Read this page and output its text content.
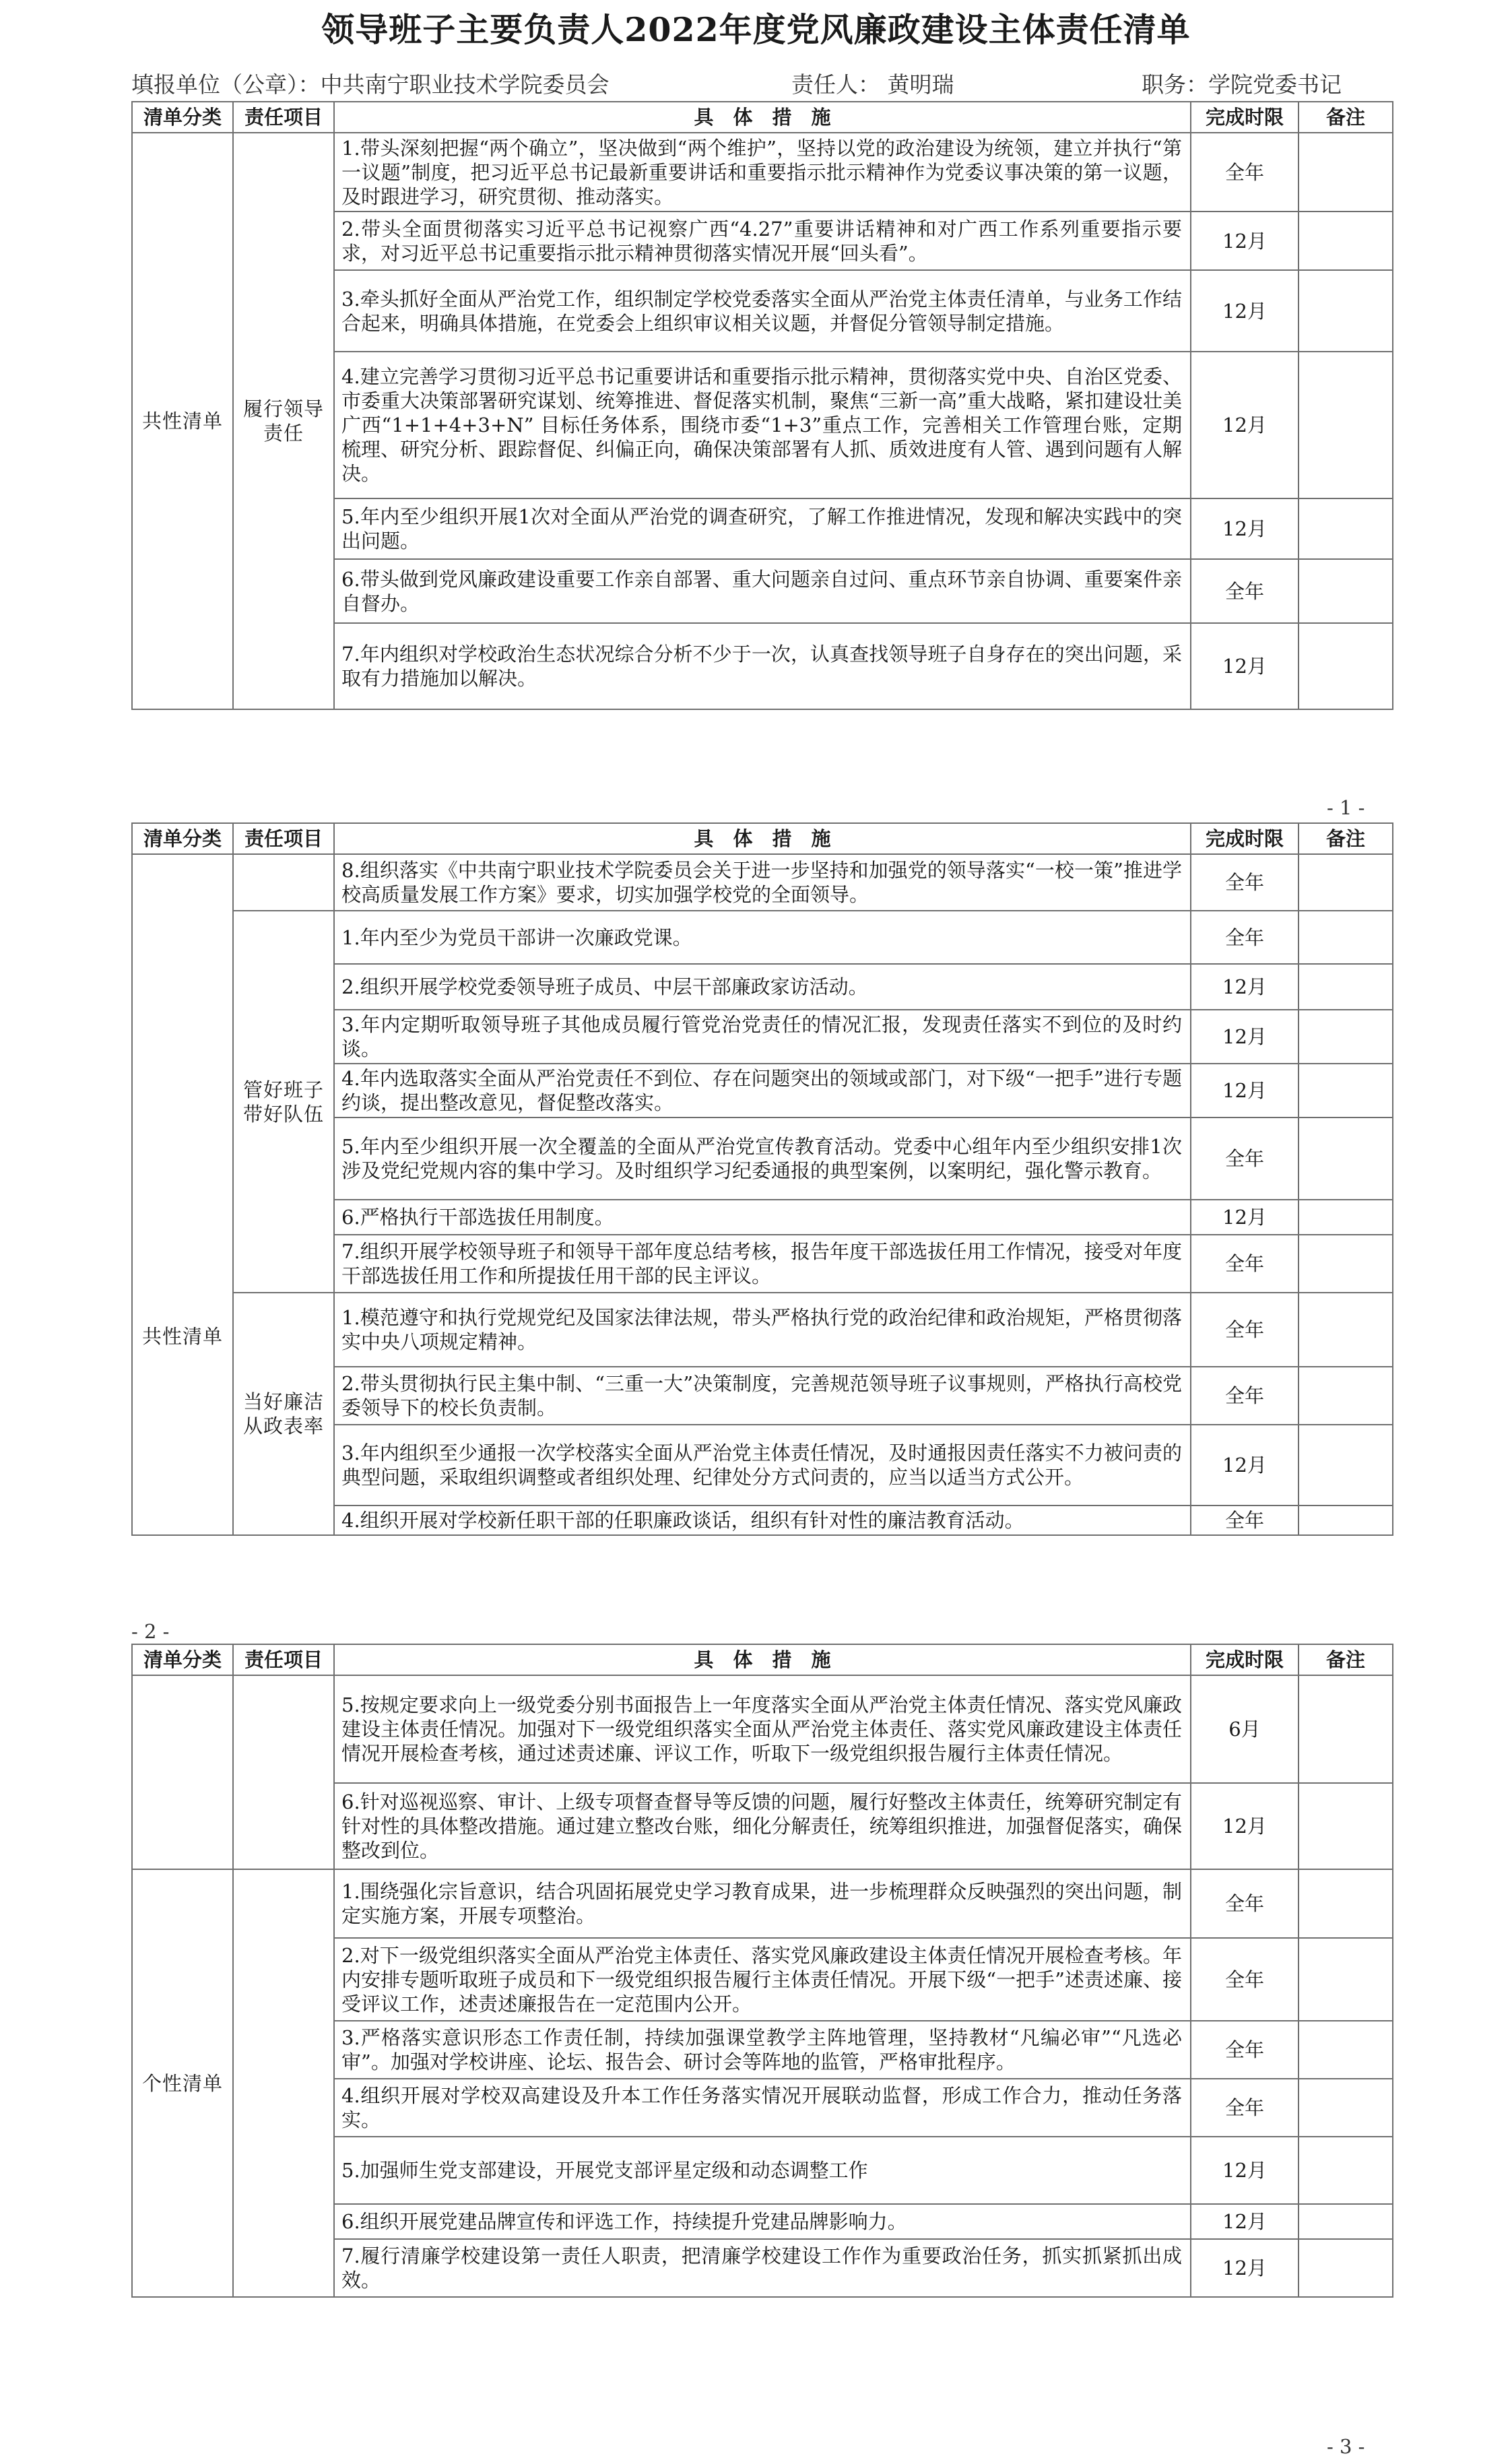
领导班子主要负责人2022年度党风廉政建设主体责任清单
填报单位（公章）：中共南宁职业技术学院委员会	责任人： 黄明瑞	职务：学院党委书记
清单分类	责任项目	具　体　措　施	完成时限	备注
共性清单	履行领导责任	1.带头深刻把握“两个确立”，坚决做到“两个维护”，坚持以党的政治建设为统领，建立并执行“第一议题”制度，把习近平总书记最新重要讲话和重要指示批示精神作为党委议事决策的第一议题，及时跟进学习，研究贯彻、推动落实。	全年	
		2.带头全面贯彻落实习近平总书记视察广西“4.27”重要讲话精神和对广西工作系列重要指示要求，对习近平总书记重要指示批示精神贯彻落实情况开展“回头看”。	12月	
		3.牵头抓好全面从严治党工作，组织制定学校党委落实全面从严治党主体责任清单，与业务工作结合起来，明确具体措施，在党委会上组织审议相关议题，并督促分管领导制定措施。	12月	
		4.建立完善学习贯彻习近平总书记重要讲话和重要指示批示精神，贯彻落实党中央、自治区党委、市委重大决策部署研究谋划、统筹推进、督促落实机制，聚焦“三新一高”重大战略，紧扣建设壮美广西“1+1+4+3+N” 目标任务体系，围绕市委“1+3”重点工作，完善相关工作管理台账，定期梳理、研究分析、跟踪督促、纠偏正向，确保决策部署有人抓、质效进度有人管、遇到问题有人解决。	12月	
		5.年内至少组织开展1次对全面从严治党的调查研究，了解工作推进情况，发现和解决实践中的突出问题。	12月	
		6.带头做到党风廉政建设重要工作亲自部署、重大问题亲自过问、重点环节亲自协调、重要案件亲自督办。	全年	
		7.年内组织对学校政治生态状况综合分析不少于一次，认真查找领导班子自身存在的突出问题，采取有力措施加以解决。	12月	
- 1 -
清单分类	责任项目	具　体　措　施	完成时限	备注
共性清单		8.组织落实《中共南宁职业技术学院委员会关于进一步坚持和加强党的领导落实“一校一策”推进学校高质量发展工作方案》要求，切实加强学校党的全面领导。	全年	
	管好班子带好队伍	1.年内至少为党员干部讲一次廉政党课。	全年	
		2.组织开展学校党委领导班子成员、中层干部廉政家访活动。	12月	
		3.年内定期听取领导班子其他成员履行管党治党责任的情况汇报，发现责任落实不到位的及时约谈。	12月	
		4.年内选取落实全面从严治党责任不到位、存在问题突出的领域或部门，对下级“一把手”进行专题约谈，提出整改意见，督促整改落实。	12月	
		5.年内至少组织开展一次全覆盖的全面从严治党宣传教育活动。党委中心组年内至少组织安排1次涉及党纪党规内容的集中学习。及时组织学习纪委通报的典型案例，以案明纪，强化警示教育。	全年	
		6.严格执行干部选拔任用制度。	12月	
		7.组织开展学校领导班子和领导干部年度总结考核，报告年度干部选拔任用工作情况，接受对年度干部选拔任用工作和所提拔任用干部的民主评议。	全年	
	当好廉洁从政表率	1.模范遵守和执行党规党纪及国家法律法规，带头严格执行党的政治纪律和政治规矩，严格贯彻落实中央八项规定精神。	全年	
		2.带头贯彻执行民主集中制、“三重一大”决策制度，完善规范领导班子议事规则，严格执行高校党委领导下的校长负责制。	全年	
		3.年内组织至少通报一次学校落实全面从严治党主体责任情况，及时通报因责任落实不力被问责的典型问题，采取组织调整或者组织处理、纪律处分方式问责的，应当以适当方式公开。	12月	
		4.组织开展对学校新任职干部的任职廉政谈话，组织有针对性的廉洁教育活动。	全年	
- 2 -
清单分类	责任项目	具　体　措　施	完成时限	备注
		5.按规定要求向上一级党委分别书面报告上一年度落实全面从严治党主体责任情况、落实党风廉政建设主体责任情况。加强对下一级党组织落实全面从严治党主体责任、落实党风廉政建设主体责任情况开展检查考核，通过述责述廉、评议工作，听取下一级党组织报告履行主体责任情况。	6月	
		6.针对巡视巡察、审计、上级专项督查督导等反馈的问题，履行好整改主体责任，统筹研究制定有针对性的具体整改措施。通过建立整改台账，细化分解责任，统筹组织推进，加强督促落实，确保整改到位。	12月	
个性清单		1.围绕强化宗旨意识，结合巩固拓展党史学习教育成果，进一步梳理群众反映强烈的突出问题，制定实施方案，开展专项整治。	全年	
		2.对下一级党组织落实全面从严治党主体责任、落实党风廉政建设主体责任情况开展检查考核。年内安排专题听取班子成员和下一级党组织报告履行主体责任情况。开展下级“一把手”述责述廉、接受评议工作，述责述廉报告在一定范围内公开。	全年	
		3.严格落实意识形态工作责任制，持续加强课堂教学主阵地管理，坚持教材“凡编必审”“凡选必审”。加强对学校讲座、论坛、报告会、研讨会等阵地的监管，严格审批程序。	全年	
		4.组织开展对学校双高建设及升本工作任务落实情况开展联动监督，形成工作合力，推动任务落实。	全年	
		5.加强师生党支部建设，开展党支部评星定级和动态调整工作	12月	
		6.组织开展党建品牌宣传和评选工作，持续提升党建品牌影响力。	12月	
		7.履行清廉学校建设第一责任人职责，把清廉学校建设工作作为重要政治任务，抓实抓紧抓出成效。	12月	
- 3 -
